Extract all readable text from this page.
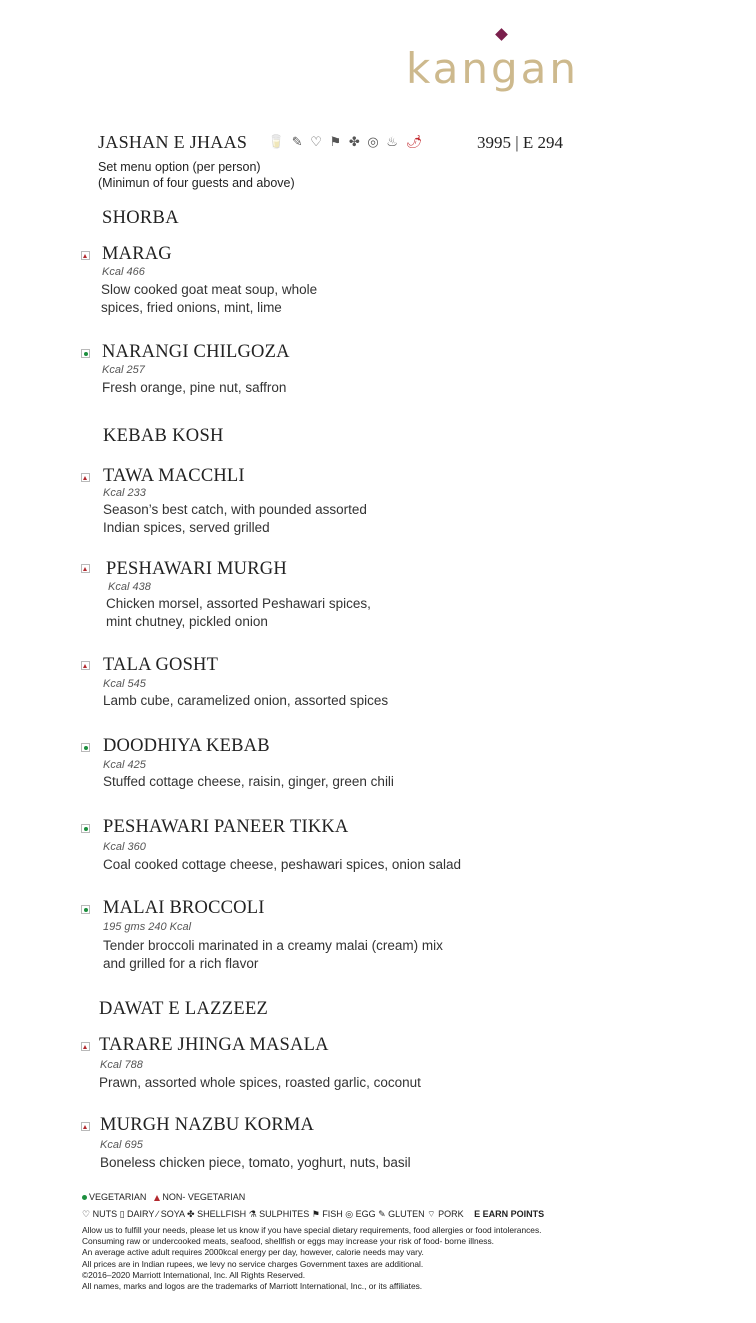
kangan
JASHAN E JHAAS 🥛 ✎ ♡ ⚑ ✤ ◎ ♨ 🌶	3995 | E 294
Set menu option (per person)
(Minimun of four guests and above)
SHORBA
MARAG
Kcal 466
Slow cooked goat meat soup, whole
spices, fried onions, mint, lime
NARANGI CHILGOZA
Kcal 257
Fresh orange, pine nut, saffron
KEBAB KOSH
TAWA MACCHLI
Kcal 233
Season’s best catch, with pounded assorted
Indian spices, served grilled
PESHAWARI MURGH
Kcal 438
Chicken morsel, assorted Peshawari spices,
mint chutney, pickled onion
TALA GOSHT
Kcal 545
Lamb cube, caramelized onion, assorted spices
DOODHIYA KEBAB
Kcal 425
Stuffed cottage cheese, raisin, ginger, green chili
PESHAWARI PANEER TIKKA
Kcal 360
Coal cooked cottage cheese, peshawari spices, onion salad
MALAI BROCCOLI
195 gms 240 Kcal
Tender broccoli marinated in a creamy malai (cream) mix
and grilled for a rich flavor
DAWAT E LAZZEEZ
TARARE JHINGA MASALA
Kcal 788
Prawn, assorted whole spices, roasted garlic, coconut
MURGH NAZBU KORMA
Kcal 695
Boneless chicken piece, tomato, yoghurt, nuts, basil
VEGETARIAN NON- VEGETARIAN
♡ NUTS ▯ DAIRY ∕ SOYA ✤ SHELLFISH ⚗ SULPHITES ⚑ FISH ◎ EGG ✎ GLUTEN ⌔ PORK E EARN POINTS
Allow us to fulfill your needs, please let us know if you have special dietary requirements, food allergies or food intolerances.
Consuming raw or undercooked meats, seafood, shellfish or eggs may increase your risk of food- borne illness.
An average active adult requires 2000kcal energy per day, however, calorie needs may vary.
All prices are in Indian rupees, we levy no service charges Government taxes are additional.
©2016–2020 Marriott International, Inc. All Rights Reserved.
All names, marks and logos are the trademarks of Marriott International, Inc., or its affiliates.
